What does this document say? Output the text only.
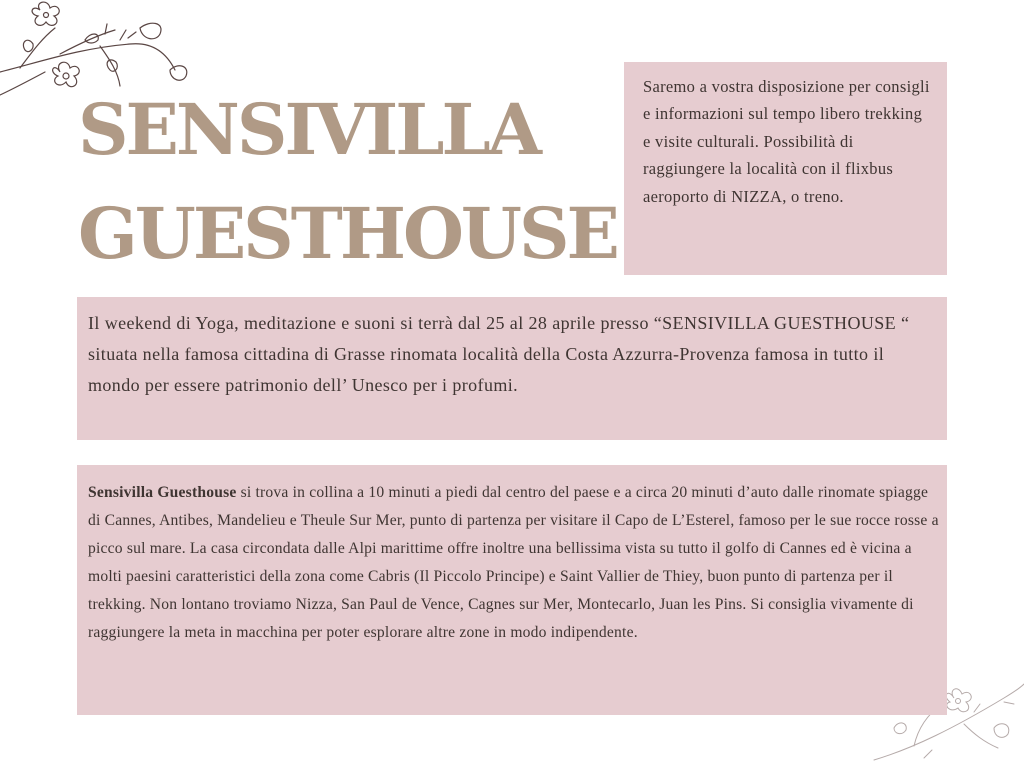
SENSIVILLA
GUESTHOUSE
Saremo a vostra disposizione per consigli e informazioni sul tempo libero trekking e visite culturali. Possibilità di raggiungere la località con il flixbus aeroporto di NIZZA, o treno.
Il weekend di Yoga, meditazione e suoni si terrà dal 25 al 28 aprile presso “SENSIVILLA GUESTHOUSE “ situata nella famosa cittadina di Grasse rinomata località della Costa Azzurra-Provenza famosa in tutto il mondo per essere patrimonio dell’ Unesco per i profumi.
Sensivilla Guesthouse si trova in collina a 10 minuti a piedi dal centro del paese e a circa 20 minuti d’auto dalle rinomate spiagge di Cannes, Antibes, Mandelieu e Theule Sur Mer, punto di partenza per visitare il Capo de L’Esterel, famoso per le sue rocce rosse a picco sul mare. La casa circondata dalle Alpi marittime offre inoltre una bellissima vista su tutto il golfo di Cannes ed è vicina a molti paesini caratteristici della zona come Cabris (Il Piccolo Principe) e Saint Vallier de Thiey, buon punto di partenza per il trekking. Non lontano troviamo Nizza, San Paul de Vence, Cagnes sur Mer, Montecarlo, Juan les Pins. Si consiglia vivamente di raggiungere la meta in macchina per poter esplorare altre zone in modo indipendente.
